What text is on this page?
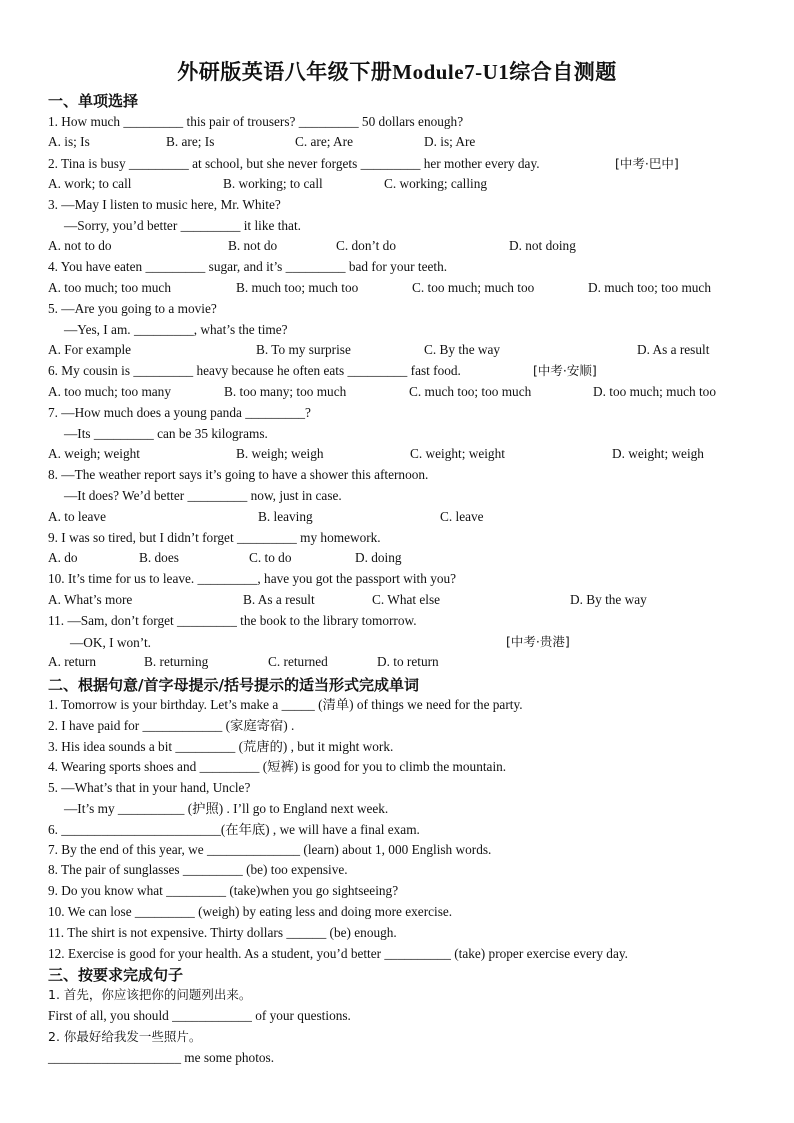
外研版英语八年级下册Module7-U1综合自测题
一、单项选择
1. How much _________ this pair of trousers? _________ 50 dollars enough?
A. is; Is	B. are; Is	C. are; Are	D. is; Are
2. Tina is busy _________ at school, but she never forgets _________ her mother every day.	[中考·巴中]
A. work; to call	B. working; to call	C. working; calling
3. —May I listen to music here, Mr. White?
—Sorry, you’d better _________ it like that.
A. not to do	B. not do	C. don’t do	D. not doing
4. You have eaten _________ sugar, and it’s _________ bad for your teeth.
A. too much; too much	B. much too; much too	C. too much; much too	D. much too; too much
5. —Are you going to a movie?
—Yes, I am. _________, what’s the time?
A. For example	B. To my surprise	C. By the way	D. As a result
6. My cousin is _________ heavy because he often eats _________ fast food.	[中考·安顺]
A. too much; too many	B. too many; too much	C. much too; too much	D. too much; much too
7. —How much does a young panda _________?
—Its _________ can be 35 kilograms.
A. weigh; weight	B. weigh; weigh	C. weight; weight	D. weight; weigh
8. —The weather report says it’s going to have a shower this afternoon.
—It does? We’d better _________ now, just in case.
A. to leave	B. leaving	C. leave
9. I was so tired, but I didn’t forget _________ my homework.
A. do	B. does	C. to do	D. doing
10. It’s time for us to leave. _________, have you got the passport with you?
A. What’s more	B. As a result	C. What else	D. By the way
11. —Sam, don’t forget _________ the book to the library tomorrow.
—OK, I won’t.	[中考·贵港]
A. return	B. returning	C. returned	D. to return
二、根据句意/首字母提示/括号提示的适当形式完成单词
1. Tomorrow is your birthday. Let’s make a _____ (清单) of things we need for the party.
2. I have paid for ____________ (家庭寄宿) .
3. His idea sounds a bit _________ (荒唐的) , but it might work.
4. Wearing sports shoes and _________ (短裤) is good for you to climb the mountain.
5. —What’s that in your hand, Uncle?
—It’s my __________ (护照) . I’ll go to England next week.
6. ________________________(在年底) , we will have a final exam.
7. By the end of this year, we ______________ (learn) about 1, 000 English words.
8. The pair of sunglasses _________ (be) too expensive.
9. Do you know what _________ (take)when you go sightseeing?
10. We can lose _________ (weigh) by eating less and doing more exercise.
11. The shirt is not expensive. Thirty dollars ______ (be) enough.
12. Exercise is good for your health. As a student, you’d better __________ (take) proper exercise every day.
三、按要求完成句子
1. 首先，你应该把你的问题列出来。
First of all, you should ____________ of your questions.
2. 你最好给我发一些照片。
____________________ me some photos.
